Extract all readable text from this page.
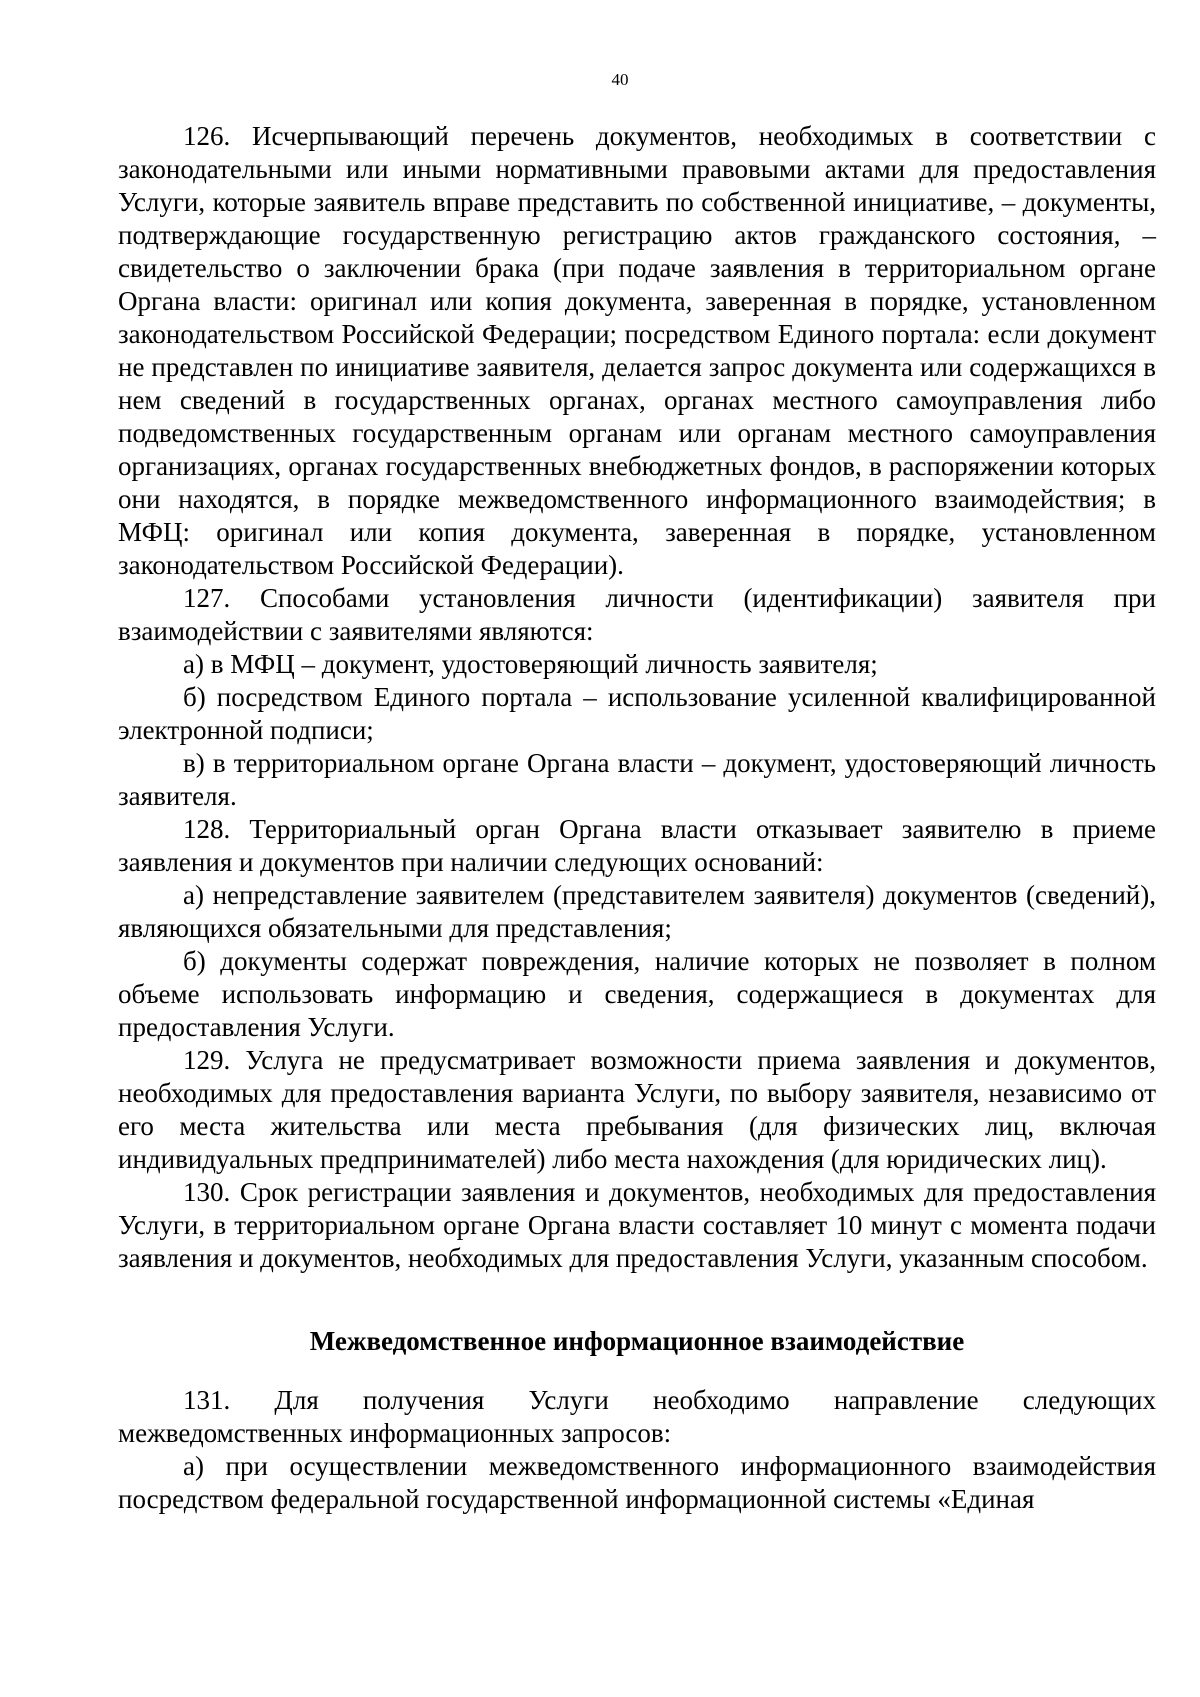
40

126. Исчерпывающий перечень документов, необходимых в соответствии с законодательными или иными нормативными правовыми актами для предоставления Услуги, которые заявитель вправе представить по собственной инициативе, – документы, подтверждающие государственную регистрацию актов гражданского состояния, – свидетельство о заключении брака (при подаче заявления в территориальном органе Органа власти: оригинал или копия документа, заверенная в порядке, установленном законодательством Российской Федерации; посредством Единого портала: если документ не представлен по инициативе заявителя, делается запрос документа или содержащихся в нем сведений в государственных органах, органах местного самоуправления либо подведомственных государственным органам или органам местного самоуправления организациях, органах государственных внебюджетных фондов, в распоряжении которых они находятся, в порядке межведомственного информационного взаимодействия; в МФЦ: оригинал или копия документа, заверенная в порядке, установленном законодательством Российской Федерации).

127. Способами установления личности (идентификации) заявителя при взаимодействии с заявителями являются:

а) в МФЦ – документ, удостоверяющий личность заявителя;

б) посредством Единого портала – использование усиленной квалифицированной электронной подписи;

в) в территориальном органе Органа власти – документ, удостоверяющий личность заявителя.

128. Территориальный орган Органа власти отказывает заявителю в приеме заявления и документов при наличии следующих оснований:

а) непредставление заявителем (представителем заявителя) документов (сведений), являющихся обязательными для представления;

б) документы содержат повреждения, наличие которых не позволяет в полном объеме использовать информацию и сведения, содержащиеся в документах для предоставления Услуги.

129. Услуга не предусматривает возможности приема заявления и документов, необходимых для предоставления варианта Услуги, по выбору заявителя, независимо от его места жительства или места пребывания (для физических лиц, включая индивидуальных предпринимателей) либо места нахождения (для юридических лиц).

130. Срок регистрации заявления и документов, необходимых для предоставления Услуги, в территориальном органе Органа власти составляет 10 минут с момента подачи заявления и документов, необходимых для предоставления Услуги, указанным способом.

Межведомственное информационное взаимодействие

131. Для получения Услуги необходимо направление следующих межведомственных информационных запросов:

а) при осуществлении межведомственного информационного взаимодействия посредством федеральной государственной информационной системы «Единая
